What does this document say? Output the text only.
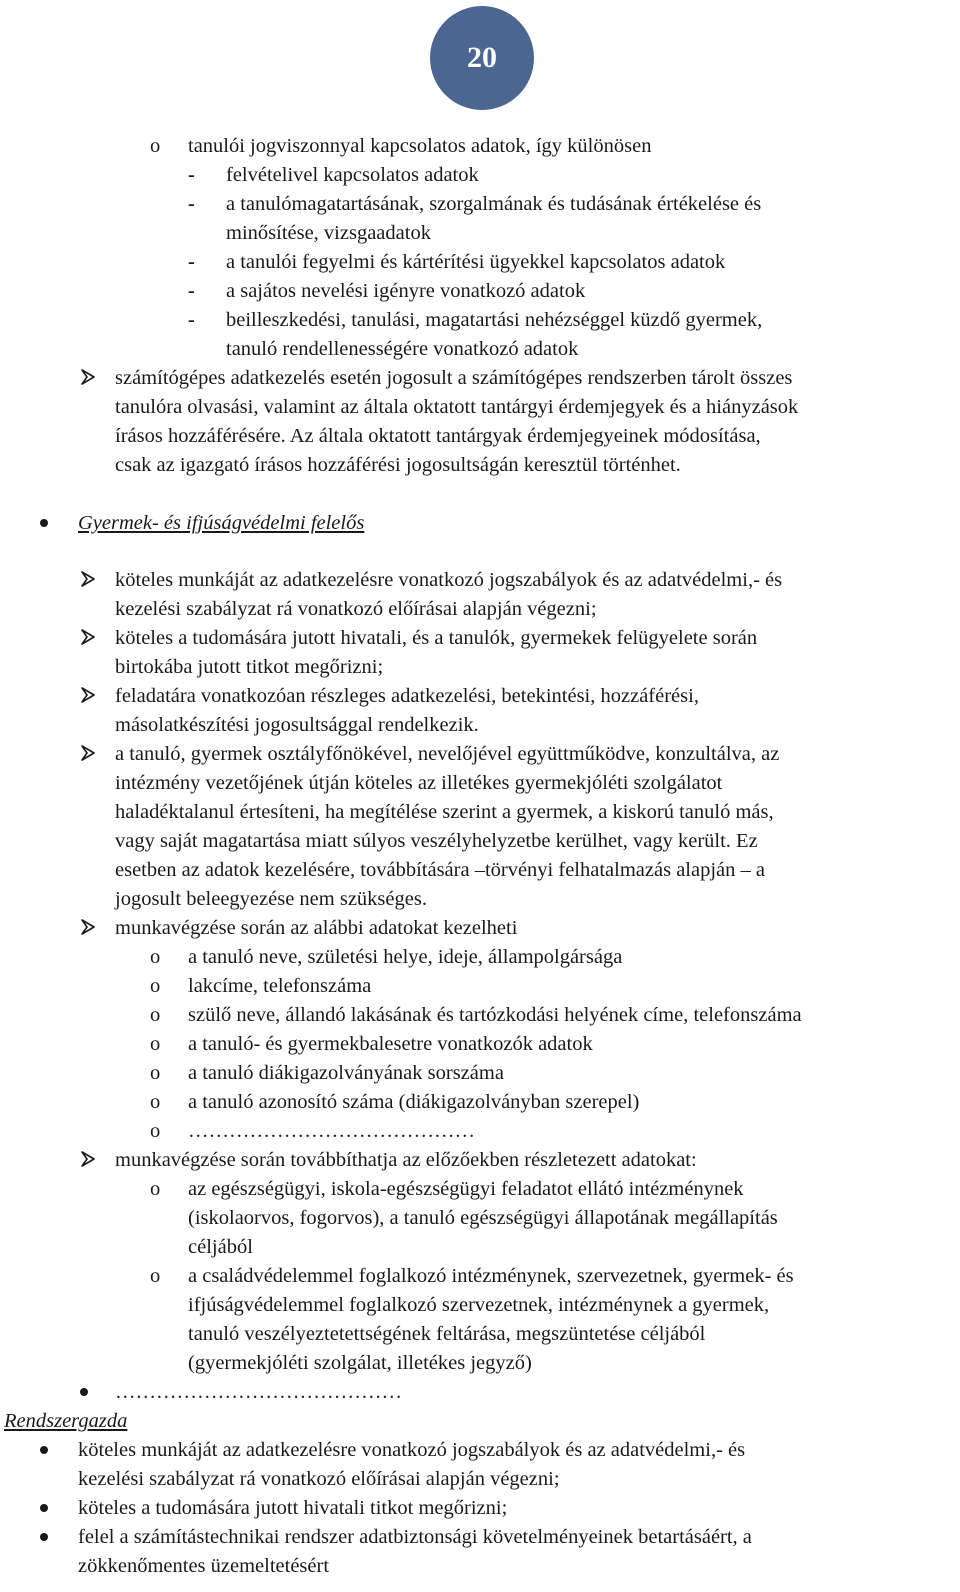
20
o tanulói jogviszonnyal kapcsolatos adatok, így különösen
- felvételivel kapcsolatos adatok
- a tanulómagatartásának, szorgalmának és tudásának értékelése és
minősítése, vizsgaadatok
- a tanulói fegyelmi és kártérítési ügyekkel kapcsolatos adatok
- a sajátos nevelési igényre vonatkozó adatok
- beilleszkedési, tanulási, magatartási nehézséggel küzdő gyermek,
tanuló rendellenességére vonatkozó adatok
számítógépes adatkezelés esetén jogosult a számítógépes rendszerben tárolt összes
tanulóra olvasási, valamint az általa oktatott tantárgyi érdemjegyek és a hiányzások
írásos hozzáférésére. Az általa oktatott tantárgyak érdemjegyeinek módosítása,
csak az igazgató írásos hozzáférési jogosultságán keresztül történhet.
Gyermek- és ifjúságvédelmi felelős
köteles munkáját az adatkezelésre vonatkozó jogszabályok és az adatvédelmi,- és
kezelési szabályzat rá vonatkozó előírásai alapján végezni;
köteles a tudomására jutott hivatali, és a tanulók, gyermekek felügyelete során
birtokába jutott titkot megőrizni;
feladatára vonatkozóan részleges adatkezelési, betekintési, hozzáférési,
másolatkészítési jogosultsággal rendelkezik.
a tanuló, gyermek osztályfőnökével, nevelőjével együttműködve, konzultálva, az
intézmény vezetőjének útján köteles az illetékes gyermekjóléti szolgálatot
haladéktalanul értesíteni, ha megítélése szerint a gyermek, a kiskorú tanuló más,
vagy saját magatartása miatt súlyos veszélyhelyzetbe kerülhet, vagy került. Ez
esetben az adatok kezelésére, továbbítására –törvényi felhatalmazás alapján – a
jogosult beleegyezése nem szükséges.
munkavégzése során az alábbi adatokat kezelheti
o a tanuló neve, születési helye, ideje, állampolgársága
o lakcíme, telefonszáma
o szülő neve, állandó lakásának és tartózkodási helyének címe, telefonszáma
o a tanuló- és gyermekbalesetre vonatkozók adatok
o a tanuló diákigazolványának sorszáma
o a tanuló azonosító száma (diákigazolványban szerepel)
o ……………………………………
munkavégzése során továbbíthatja az előzőekben részletezett adatokat:
o az egészségügyi, iskola-egészségügyi feladatot ellátó intézménynek
(iskolaorvos, fogorvos), a tanuló egészségügyi állapotának megállapítás
céljából
o a családvédelemmel foglalkozó intézménynek, szervezetnek, gyermek- és
ifjúságvédelemmel foglalkozó szervezetnek, intézménynek a gyermek,
tanuló veszélyeztetettségének feltárása, megszüntetése céljából
(gyermekjóléti szolgálat, illetékes jegyző)
……………………………………
Rendszergazda
köteles munkáját az adatkezelésre vonatkozó jogszabályok és az adatvédelmi,- és
kezelési szabályzat rá vonatkozó előírásai alapján végezni;
köteles a tudomására jutott hivatali titkot megőrizni;
felel a számítástechnikai rendszer adatbiztonsági követelményeinek betartásáért, a
zökkenőmentes üzemeltetésért
